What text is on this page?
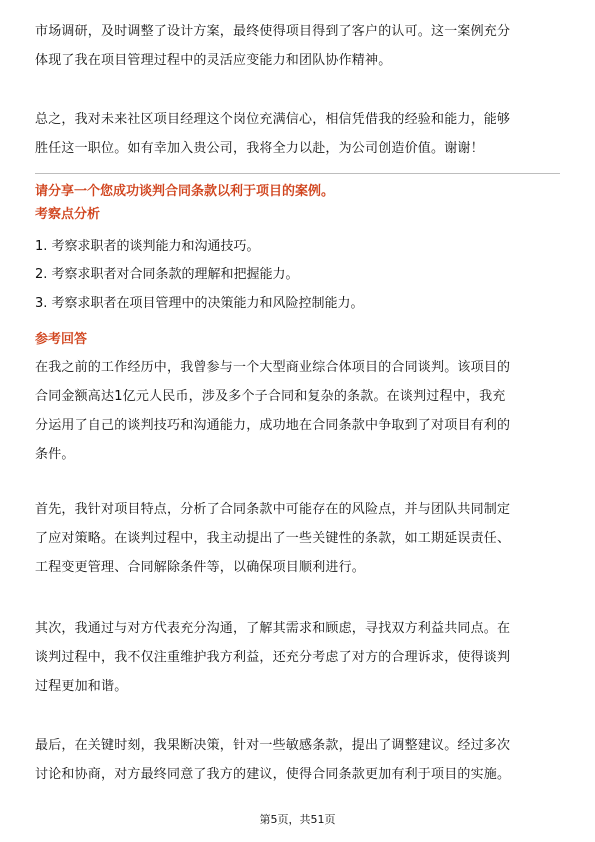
市场调研，及时调整了设计方案，最终使得项目得到了客户的认可。这一案例充分
体现了我在项目管理过程中的灵活应变能力和团队协作精神。
总之，我对未来社区项目经理这个岗位充满信心，相信凭借我的经验和能力，能够
胜任这一职位。如有幸加入贵公司，我将全力以赴，为公司创造价值。谢谢！
请分享一个您成功谈判合同条款以利于项目的案例。
考察点分析
1. 考察求职者的谈判能力和沟通技巧。
2. 考察求职者对合同条款的理解和把握能力。
3. 考察求职者在项目管理中的决策能力和风险控制能力。
参考回答
在我之前的工作经历中，我曾参与一个大型商业综合体项目的合同谈判。该项目的
合同金额高达1亿元人民币，涉及多个子合同和复杂的条款。在谈判过程中，我充
分运用了自己的谈判技巧和沟通能力，成功地在合同条款中争取到了对项目有利的
条件。
首先，我针对项目特点，分析了合同条款中可能存在的风险点，并与团队共同制定
了应对策略。在谈判过程中，我主动提出了一些关键性的条款，如工期延误责任、
工程变更管理、合同解除条件等，以确保项目顺利进行。
其次，我通过与对方代表充分沟通，了解其需求和顾虑，寻找双方利益共同点。在
谈判过程中，我不仅注重维护我方利益，还充分考虑了对方的合理诉求，使得谈判
过程更加和谐。
最后，在关键时刻，我果断决策，针对一些敏感条款，提出了调整建议。经过多次
讨论和协商，对方最终同意了我方的建议，使得合同条款更加有利于项目的实施。
第5页，共51页
